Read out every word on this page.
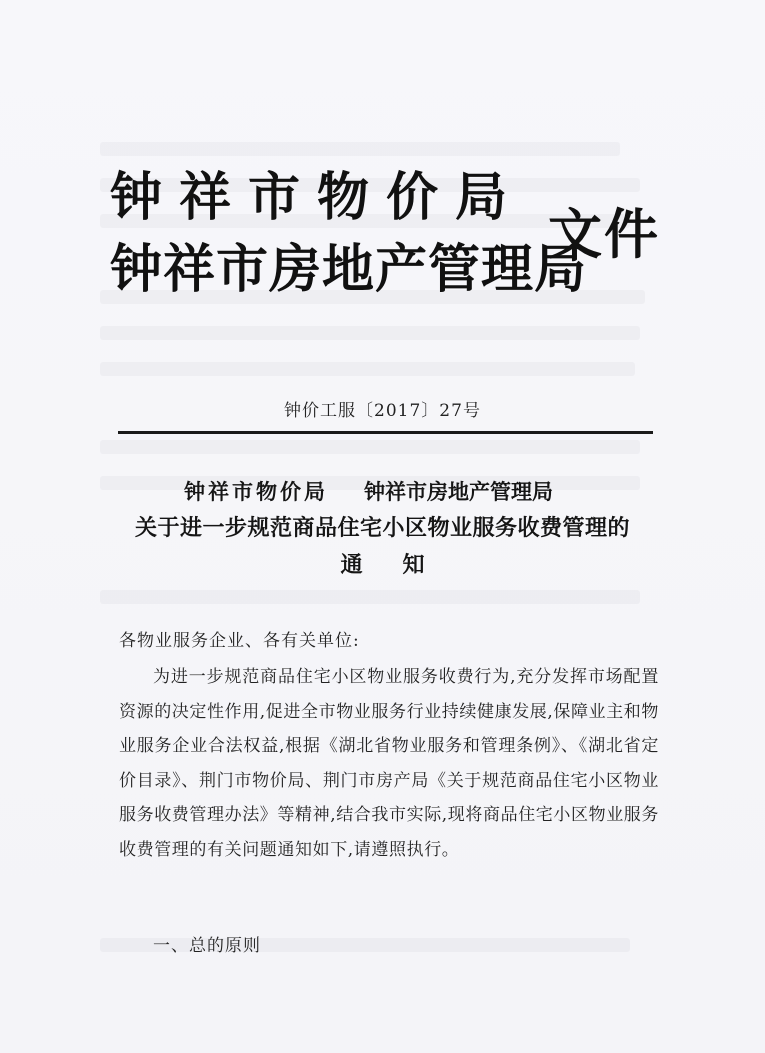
钟祥市物价局
钟祥市房地产管理局
文件
钟价工服〔2017〕27号
钟祥市物价局 钟祥市房地产管理局
关于进一步规范商品住宅小区物业服务收费管理的
通知
各物业服务企业、各有关单位:

为进一步规范商品住宅小区物业服务收费行为,充分发挥市场配置资源的决定性作用,促进全市物业服务行业持续健康发展,保障业主和物业服务企业合法权益,根据《湖北省物业服务和管理条例》、《湖北省定价目录》、荆门市物价局、荆门市房产局《关于规范商品住宅小区物业服务收费管理办法》等精神,结合我市实际,现将商品住宅小区物业服务收费管理的有关问题通知如下,请遵照执行。

一、总的原则
